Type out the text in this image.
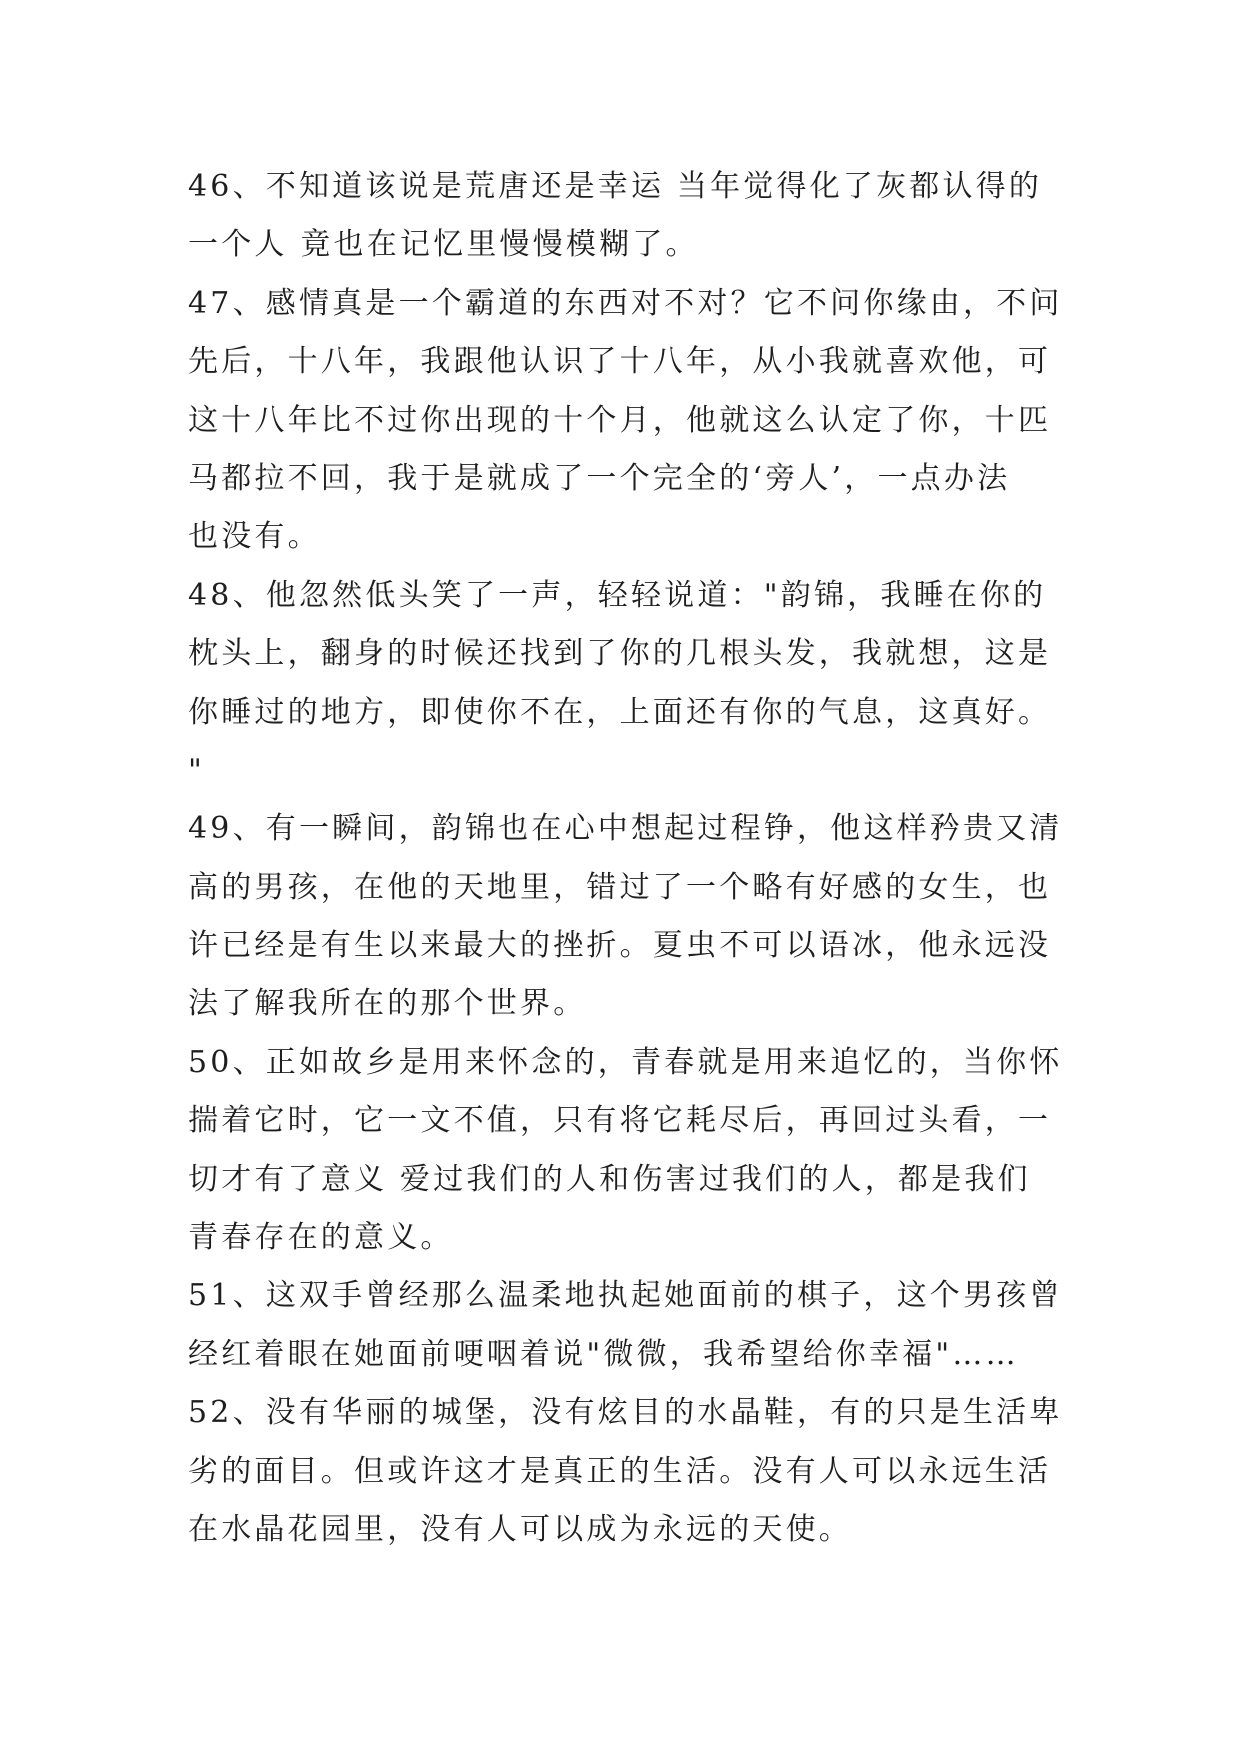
46、不知道该说是荒唐还是幸运 当年觉得化了灰都认得的
一个人 竟也在记忆里慢慢模糊了。
47、感情真是一个霸道的东西对不对？它不问你缘由，不问
先后，十八年，我跟他认识了十八年，从小我就喜欢他，可
这十八年比不过你出现的十个月，他就这么认定了你，十匹
马都拉不回，我于是就成了一个完全的‘旁人’，一点办法
也没有。
48、他忽然低头笑了一声，轻轻说道："韵锦，我睡在你的
枕头上，翻身的时候还找到了你的几根头发，我就想，这是
你睡过的地方，即使你不在，上面还有你的气息，这真好。
"
49、有一瞬间，韵锦也在心中想起过程铮，他这样矜贵又清
高的男孩，在他的天地里，错过了一个略有好感的女生，也
许已经是有生以来最大的挫折。夏虫不可以语冰，他永远没
法了解我所在的那个世界。
50、正如故乡是用来怀念的，青春就是用来追忆的，当你怀
揣着它时，它一文不值，只有将它耗尽后，再回过头看，一
切才有了意义 爱过我们的人和伤害过我们的人，都是我们
青春存在的意义。
51、这双手曾经那么温柔地执起她面前的棋子，这个男孩曾
经红着眼在她面前哽咽着说"微微，我希望给你幸福"……
52、没有华丽的城堡，没有炫目的水晶鞋，有的只是生活卑
劣的面目。但或许这才是真正的生活。没有人可以永远生活
在水晶花园里，没有人可以成为永远的天使。
